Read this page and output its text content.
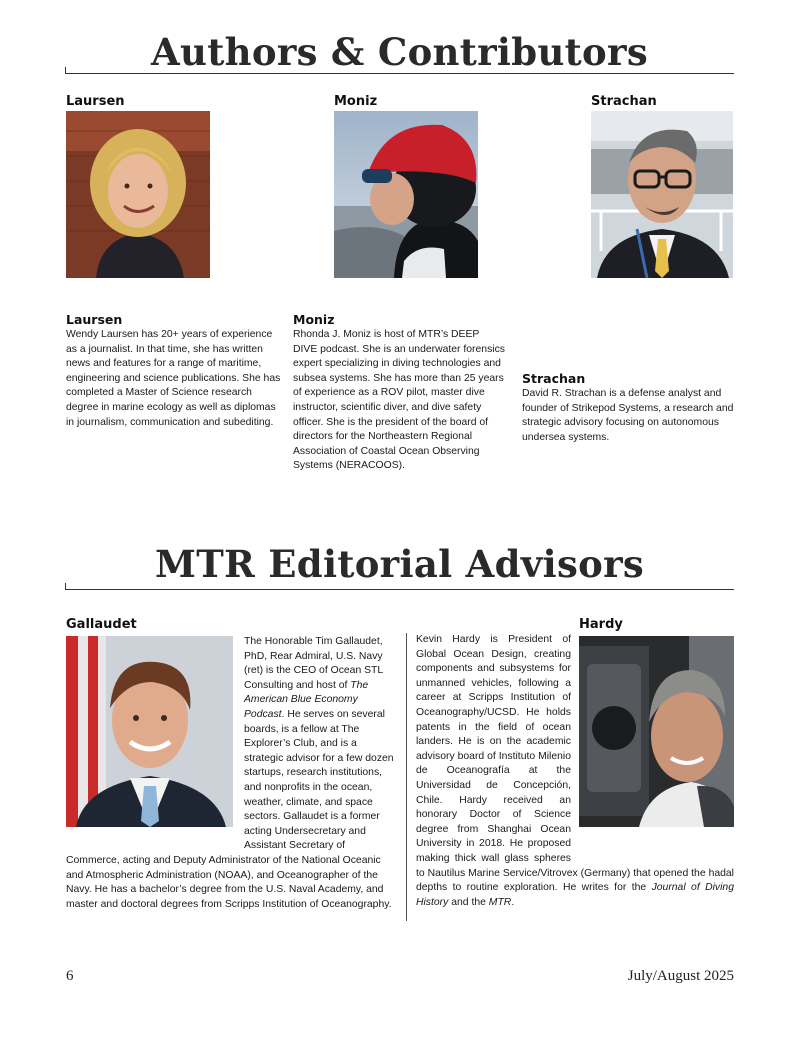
Authors & Contributors
Laursen	Moniz	Strachan
Laursen

Wendy Laursen has 20+ years of experience as a journalist. In that time, she has written news and features for a range of maritime, engineering and science publications. She has completed a Master of Science research degree in marine ecology as well as diplomas in journalism, communication and subediting.

Moniz

Rhonda J. Moniz is host of MTR’s DEEP DIVE podcast. She is an underwater forensics expert specializing in diving technologies and subsea systems. She has more than 25 years of experience as a ROV pilot, master dive instructor, scientific diver, and dive safety officer. She is the president of the board of directors for the Northeastern Regional Association of Coastal Ocean Observing Systems (NERACOOS).

Strachan

David R. Strachan is a defense analyst and founder of Strikepod Systems, a research and strategic advisory focusing on autonomous undersea systems.

MTR Editorial Advisors
Gallaudet	Hardy

The Honorable Tim Gallaudet, PhD, Rear Admiral, U.S. Navy (ret) is the CEO of Ocean STL Consulting and host of The American Blue Economy Podcast. He serves on several boards, is a fellow at The Explorer’s Club, and is a strategic advisor for a few dozen startups, research institutions, and nonprofits in the ocean, weather, climate, and space sectors. Gallaudet is a former acting Undersecretary and Assistant Secretary of Commerce, acting and Deputy Administrator of the National Oceanic and Atmospheric Administration (NOAA), and Oceanographer of the Navy. He has a bachelor’s degree from the U.S. Naval Academy, and master and doctoral degrees from Scripps Institution of Oceanography.

Kevin Hardy is President of Global Ocean Design, creating components and subsystems for unmanned vehicles, following a career at Scripps Institution of Oceanography/UCSD. He holds patents in the field of ocean landers. He is on the academic advisory board of Instituto Milenio de Oceanografía at the Universidad de Concepción, Chile. Hardy received an honorary Doctor of Science degree from Shanghai Ocean University in 2018. He proposed making thick wall glass spheres to Nautilus Marine Service/Vitrovex (Germany) that opened the hadal depths to routine exploration. He writes for the Journal of Diving History and the MTR.

6	July/August 2025
